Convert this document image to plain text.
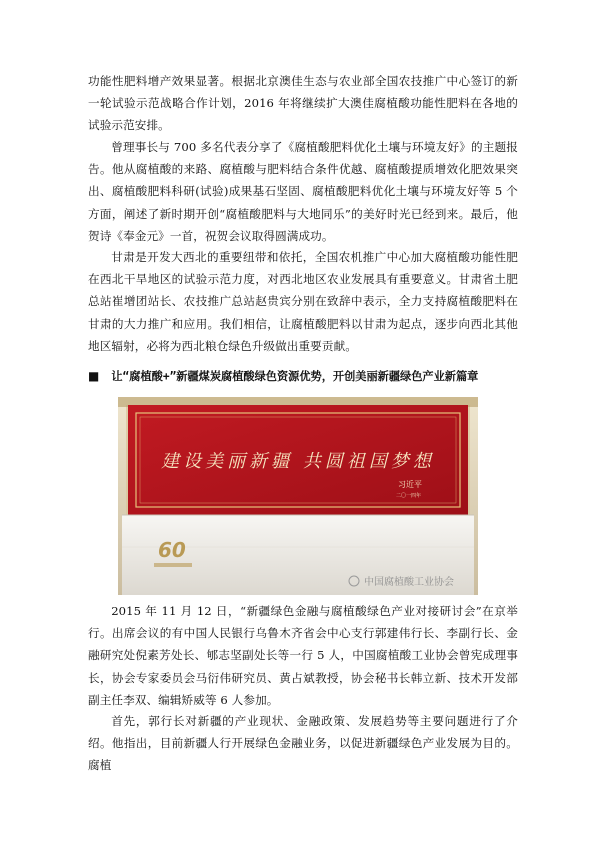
功能性肥料增产效果显著。根据北京澳佳生态与农业部全国农技推广中心签订的新一轮试验示范战略合作计划，2016 年将继续扩大澳佳腐植酸功能性肥料在各地的试验示范安排。

曾理事长与 700 多名代表分享了《腐植酸肥料优化土壤与环境友好》的主题报告。他从腐植酸的来路、腐植酸与肥料结合条件优越、腐植酸提质增效化肥效果突出、腐植酸肥料科研(试验)成果基石坚固、腐植酸肥料优化土壤与环境友好等 5 个方面，阐述了新时期开创“腐植酸肥料与大地同乐”的美好时光已经到来。最后，他贺诗《奉金元》一首，祝贺会议取得圆满成功。

甘肃是开发大西北的重要纽带和依托，全国农机推广中心加大腐植酸功能性肥在西北干旱地区的试验示范力度，对西北地区农业发展具有重要意义。甘肃省土肥总站崔增团站长、农技推广总站赵贵宾分别在致辞中表示，全力支持腐植酸肥料在甘肃的大力推广和应用。我们相信，让腐植酸肥料以甘肃为起点，逐步向西北其他地区辐射，必将为西北粮仓绿色升级做出重要贡献。

■ 让“腐植酸+”新疆煤炭腐植酸绿色资源优势，开创美丽新疆绿色产业新篇章
建设美丽新疆 共圆祖国梦想
习近平
二〇一四年
60
中国腐植酸工业协会

2015 年 11 月 12 日，“新疆绿色金融与腐植酸绿色产业对接研讨会”在京举行。出席会议的有中国人民银行乌鲁木齐省会中心支行郭建伟行长、李副行长、金融研究处倪素芳处长、郇志坚副处长等一行 5 人，中国腐植酸工业协会曾宪成理事长，协会专家委员会马衍伟研究员、黄占斌教授，协会秘书长韩立新、技术开发部副主任李双、编辑矫威等 6 人参加。

首先，郭行长对新疆的产业现状、金融政策、发展趋势等主要问题进行了介绍。他指出，目前新疆人行开展绿色金融业务，以促进新疆绿色产业发展为目的。腐植
